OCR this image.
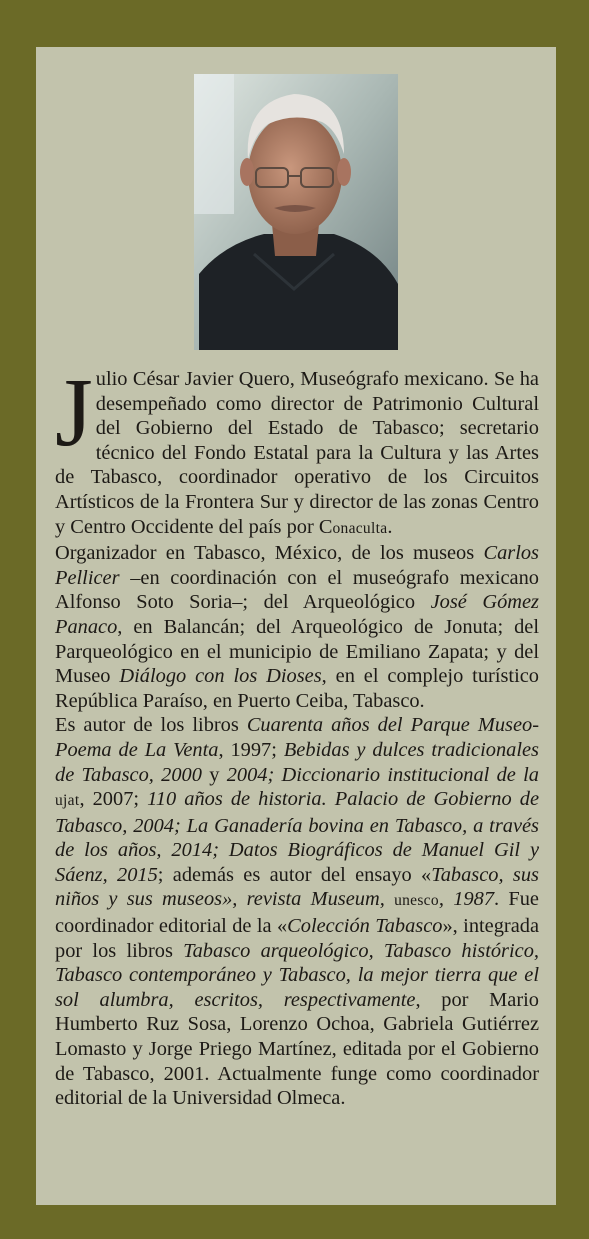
Julio César Javier Quero, Museógrafo mexicano. Se ha desempeñado como director de Patrimonio Cultural del Gobierno del Estado de Tabasco; secretario técnico del Fondo Estatal para la Cultura y las Artes de Tabasco, coordinador operativo de los Circuitos Artísticos de la Frontera Sur y director de las zonas Centro y Centro Occidente del país por Conaculta.

Organizador en Tabasco, México, de los museos Carlos Pellicer –en coordinación con el museógrafo mexicano Alfonso Soto Soria–; del Arqueológico José Gómez Panaco, en Balancán; del Arqueológico de Jonuta; del Parqueológico en el municipio de Emiliano Zapata; y del Museo Diálogo con los Dioses, en el complejo turístico República Paraíso, en Puerto Ceiba, Tabasco.

Es autor de los libros Cuarenta años del Parque Museo-Poema de La Venta, 1997; Bebidas y dulces tradicionales de Tabasco, 2000 y 2004; Diccionario institucional de la ujat, 2007; 110 años de historia. Palacio de Gobierno de Tabasco, 2004; La Ganadería bovina en Tabasco, a través de los años, 2014; Datos Biográficos de Manuel Gil y Sáenz, 2015; además es autor del ensayo «Tabasco, sus niños y sus museos», revista Museum, unesco, 1987. Fue coordinador editorial de la «Colección Tabasco», integrada por los libros Tabasco arqueológico, Tabasco histórico, Tabasco contemporáneo y Tabasco, la mejor tierra que el sol alumbra, escritos, respectivamente, por Mario Humberto Ruz Sosa, Lorenzo Ochoa, Gabriela Gutiérrez Lomasto y Jorge Priego Martínez, editada por el Gobierno de Tabasco, 2001. Actualmente funge como coordinador editorial de la Universidad Olmeca.
